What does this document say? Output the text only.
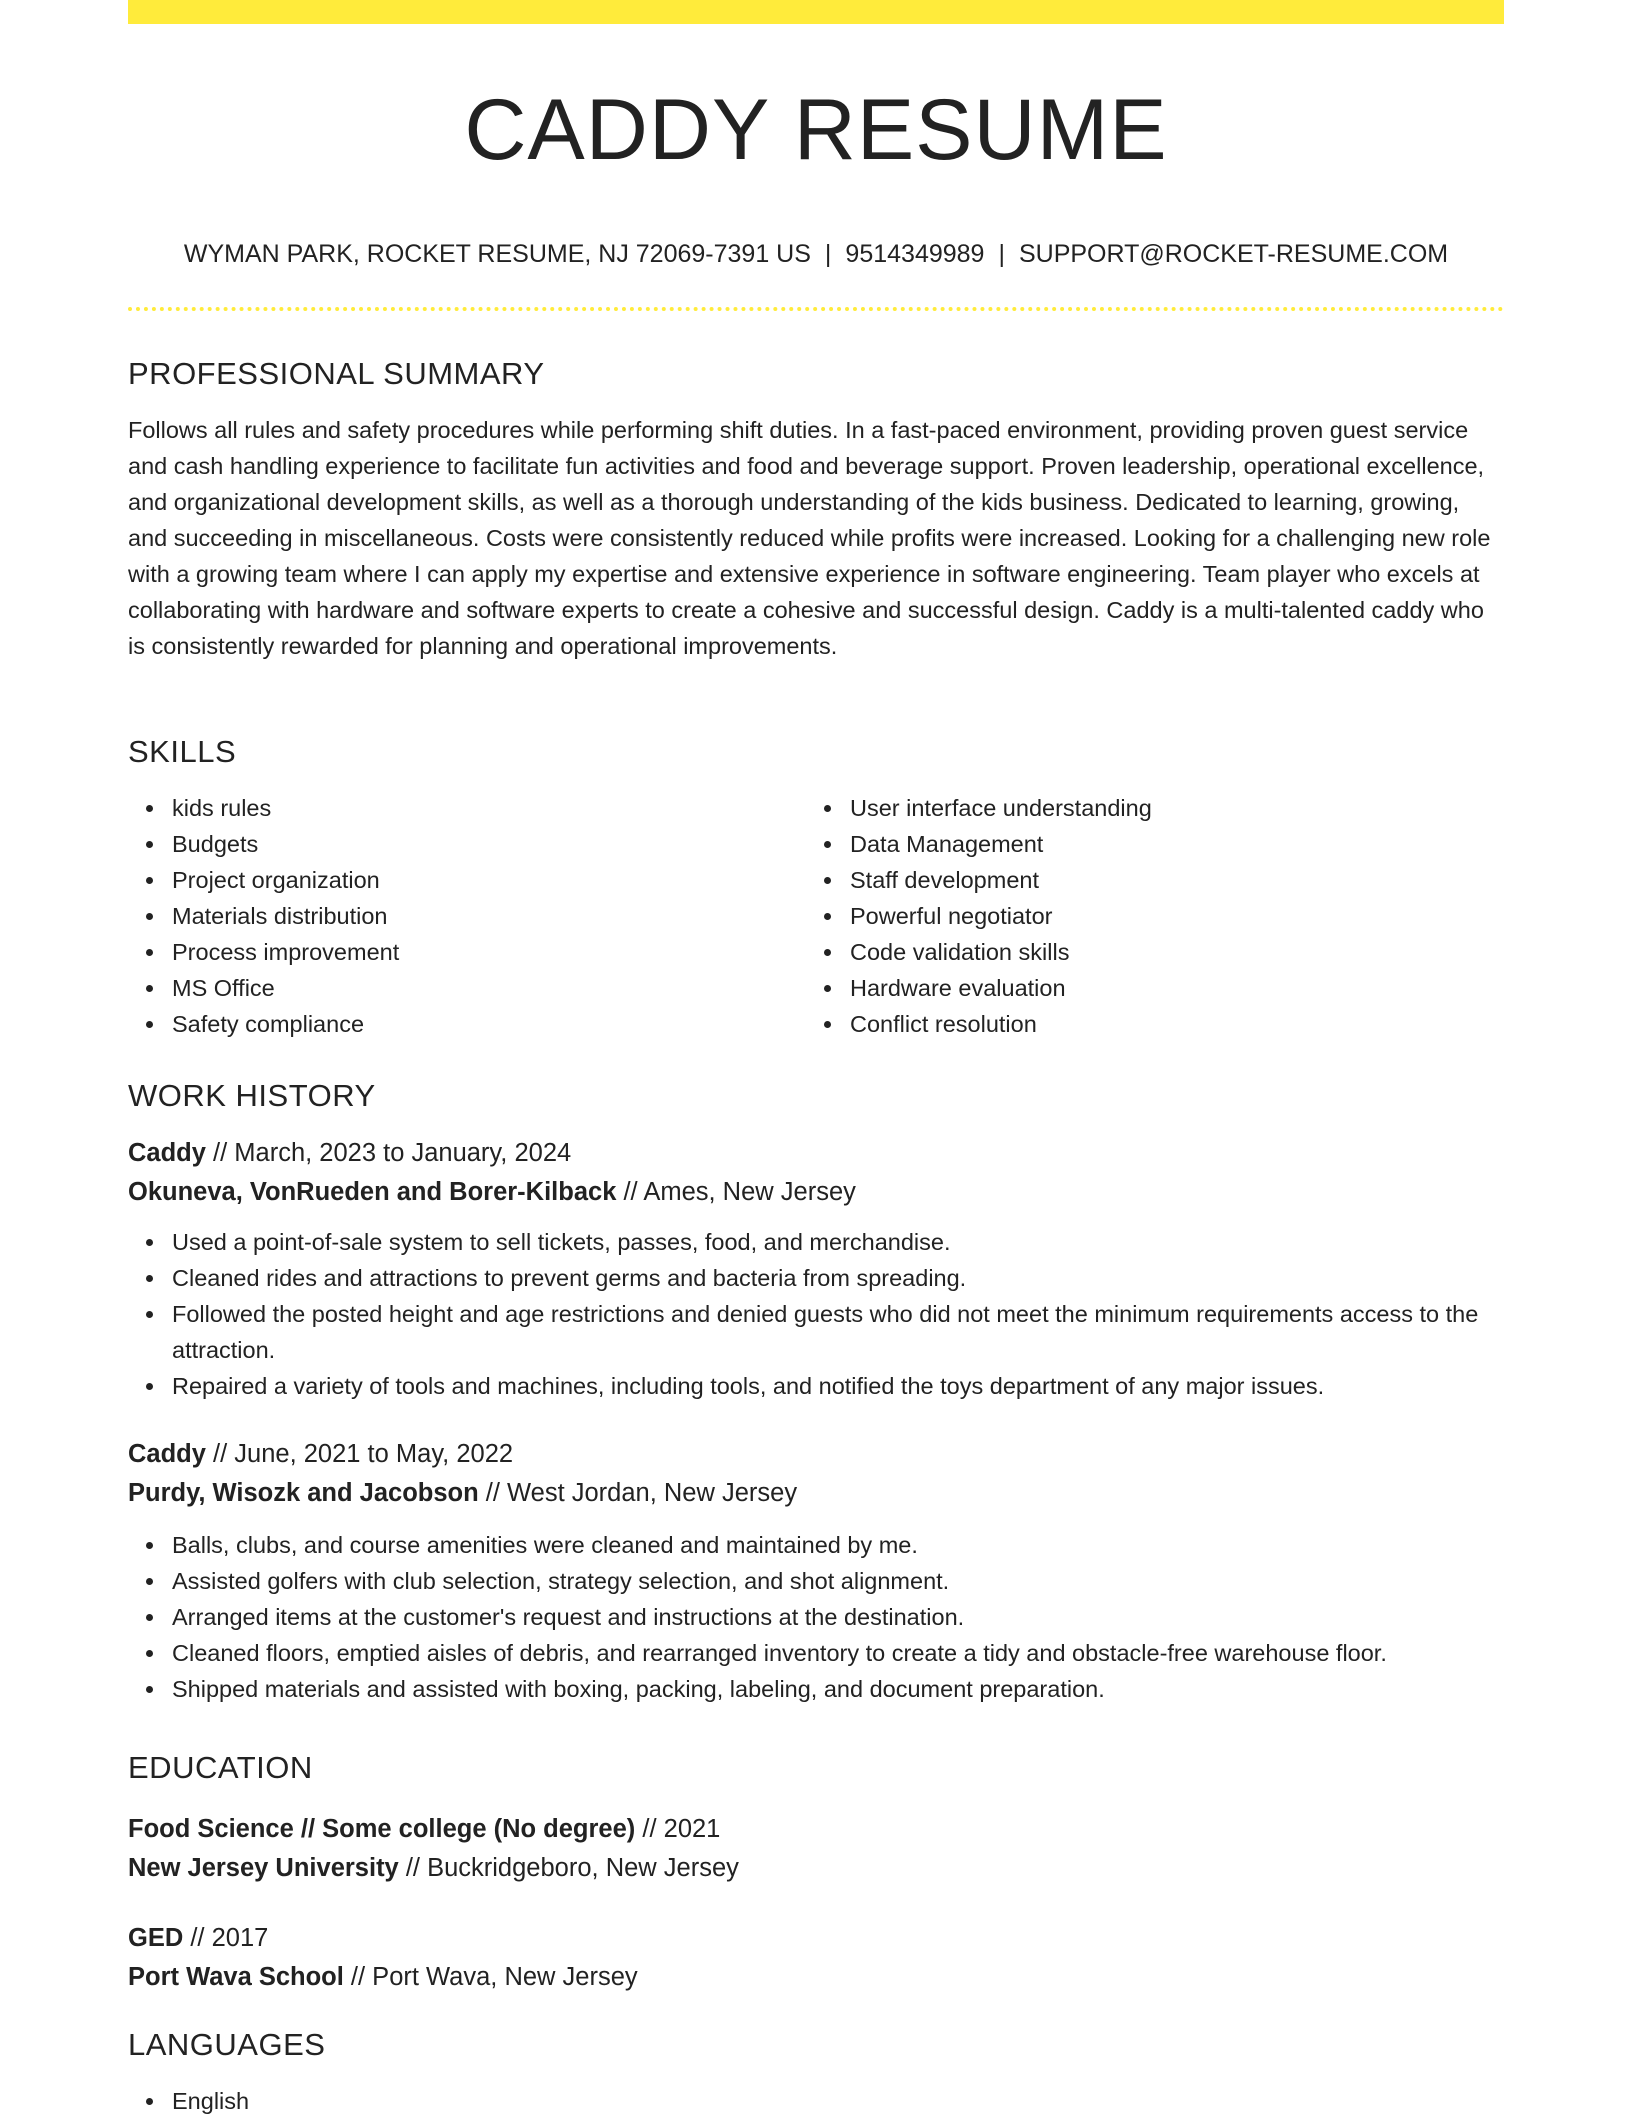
CADDY RESUME
WYMAN PARK, ROCKET RESUME, NJ 72069-7391 US | 9514349989 | SUPPORT@ROCKET-RESUME.COM
PROFESSIONAL SUMMARY

Follows all rules and safety procedures while performing shift duties. In a fast-paced environment, providing proven guest service and cash handling experience to facilitate fun activities and food and beverage support. Proven leadership, operational excellence, and organizational development skills, as well as a thorough understanding of the kids business. Dedicated to learning, growing, and succeeding in miscellaneous. Costs were consistently reduced while profits were increased. Looking for a challenging new role with a growing team where I can apply my expertise and extensive experience in software engineering. Team player who excels at collaborating with hardware and software experts to create a cohesive and successful design. Caddy is a multi-talented caddy who is consistently rewarded for planning and operational improvements.

SKILLS
kids rules
Budgets
Project organization
Materials distribution
Process improvement
MS Office
Safety compliance
User interface understanding
Data Management
Staff development
Powerful negotiator
Code validation skills
Hardware evaluation
Conflict resolution
WORK HISTORY
Caddy // March, 2023 to January, 2024
Okuneva, VonRueden and Borer-Kilback // Ames, New Jersey
Used a point-of-sale system to sell tickets, passes, food, and merchandise.
Cleaned rides and attractions to prevent germs and bacteria from spreading.
Followed the posted height and age restrictions and denied guests who did not meet the minimum requirements access to the attraction.
Repaired a variety of tools and machines, including tools, and notified the toys department of any major issues.
Caddy // June, 2021 to May, 2022
Purdy, Wisozk and Jacobson // West Jordan, New Jersey
Balls, clubs, and course amenities were cleaned and maintained by me.
Assisted golfers with club selection, strategy selection, and shot alignment.
Arranged items at the customer's request and instructions at the destination.
Cleaned floors, emptied aisles of debris, and rearranged inventory to create a tidy and obstacle-free warehouse floor.
Shipped materials and assisted with boxing, packing, labeling, and document preparation.
EDUCATION
Food Science // Some college (No degree) // 2021
New Jersey University // Buckridgeboro, New Jersey
GED // 2017
Port Wava School // Port Wava, New Jersey
LANGUAGES
English
